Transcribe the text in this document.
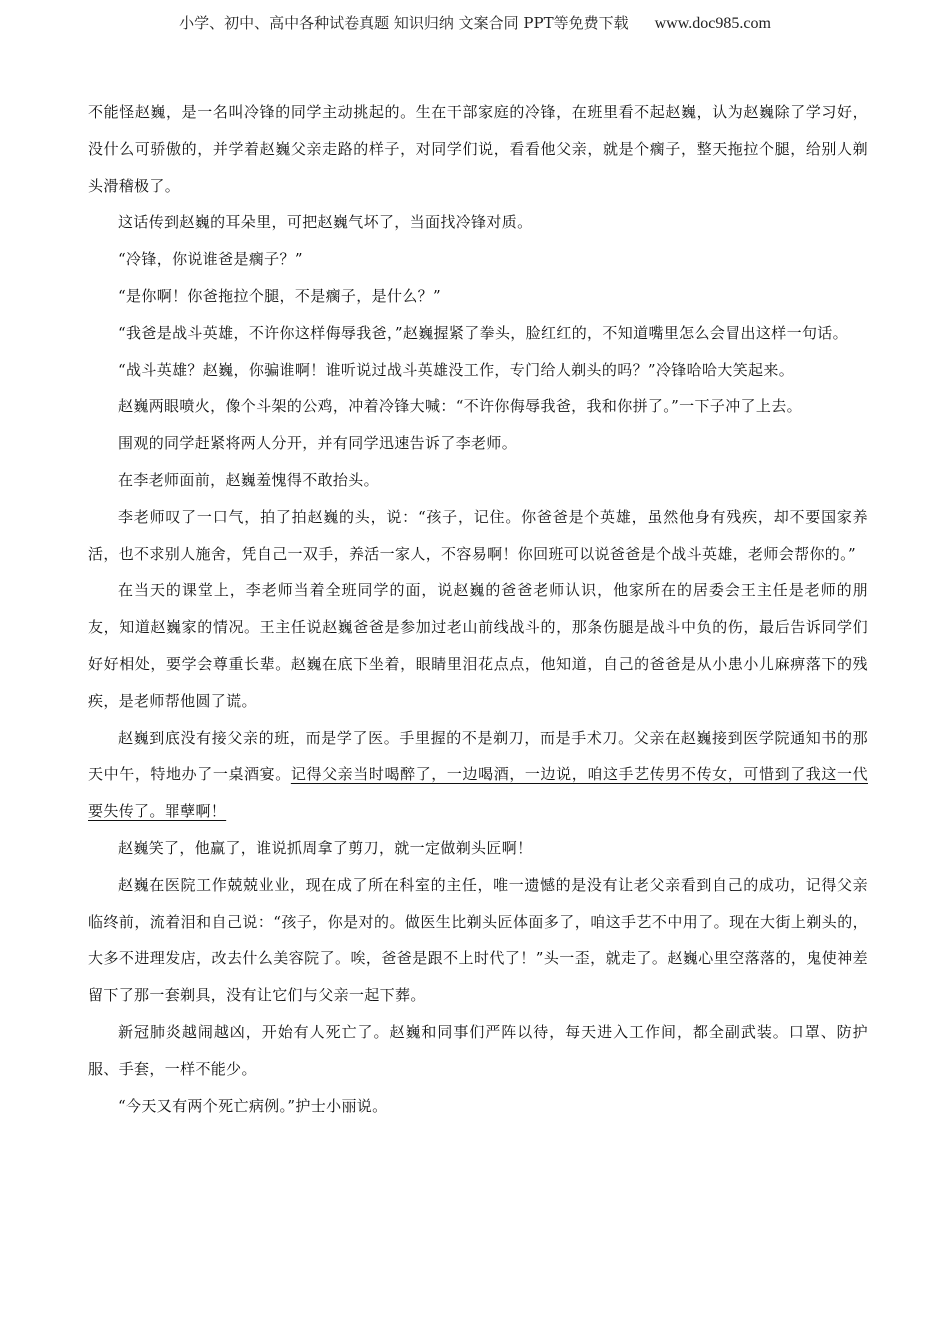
小学、初中、高中各种试卷真题 知识归纳 文案合同 PPT等免费下载 www.doc985.com

不能怪赵巍，是一名叫冷锋的同学主动挑起的。生在干部家庭的冷锋，在班里看不起赵巍，认为赵巍除了学习好，没什么可骄傲的，并学着赵巍父亲走路的样子，对同学们说，看看他父亲，就是个瘸子，整天拖拉个腿，给别人剃头滑稽极了。

这话传到赵巍的耳朵里，可把赵巍气坏了，当面找冷锋对质。

“冷锋，你说谁爸是瘸子？”

“是你啊！你爸拖拉个腿，不是瘸子，是什么？”

“我爸是战斗英雄，不许你这样侮辱我爸，”赵巍握紧了拳头，脸红红的，不知道嘴里怎么会冒出这样一句话。

“战斗英雄？赵巍，你骗谁啊！谁听说过战斗英雄没工作，专门给人剃头的吗？”冷锋哈哈大笑起来。

赵巍两眼喷火，像个斗架的公鸡，冲着冷锋大喊：“不许你侮辱我爸，我和你拼了。”一下子冲了上去。

围观的同学赶紧将两人分开，并有同学迅速告诉了李老师。

在李老师面前，赵巍羞愧得不敢抬头。

李老师叹了一口气，拍了拍赵巍的头，说：“孩子，记住。你爸爸是个英雄，虽然他身有残疾，却不要国家养活，也不求别人施舍，凭自己一双手，养活一家人，不容易啊！你回班可以说爸爸是个战斗英雄，老师会帮你的。”

在当天的课堂上，李老师当着全班同学的面，说赵巍的爸爸老师认识，他家所在的居委会王主任是老师的朋友，知道赵巍家的情况。王主任说赵巍爸爸是参加过老山前线战斗的，那条伤腿是战斗中负的伤，最后告诉同学们好好相处，要学会尊重长辈。赵巍在底下坐着，眼睛里泪花点点，他知道，自己的爸爸是从小患小儿麻痹落下的残疾，是老师帮他圆了谎。

赵巍到底没有接父亲的班，而是学了医。手里握的不是剃刀，而是手术刀。父亲在赵巍接到医学院通知书的那天中午，特地办了一桌酒宴。记得父亲当时喝醉了，一边喝酒，一边说，咱这手艺传男不传女，可惜到了我这一代要失传了。罪孽啊！

赵巍笑了，他赢了，谁说抓周拿了剪刀，就一定做剃头匠啊！

赵巍在医院工作兢兢业业，现在成了所在科室的主任，唯一遗憾的是没有让老父亲看到自己的成功，记得父亲临终前，流着泪和自己说：“孩子，你是对的。做医生比剃头匠体面多了，咱这手艺不中用了。现在大街上剃头的，大多不进理发店，改去什么美容院了。唉，爸爸是跟不上时代了！”头一歪，就走了。赵巍心里空落落的，鬼使神差留下了那一套剃具，没有让它们与父亲一起下葬。

新冠肺炎越闹越凶，开始有人死亡了。赵巍和同事们严阵以待，每天进入工作间，都全副武装。口罩、防护服、手套，一样不能少。

“今天又有两个死亡病例。”护士小丽说。
